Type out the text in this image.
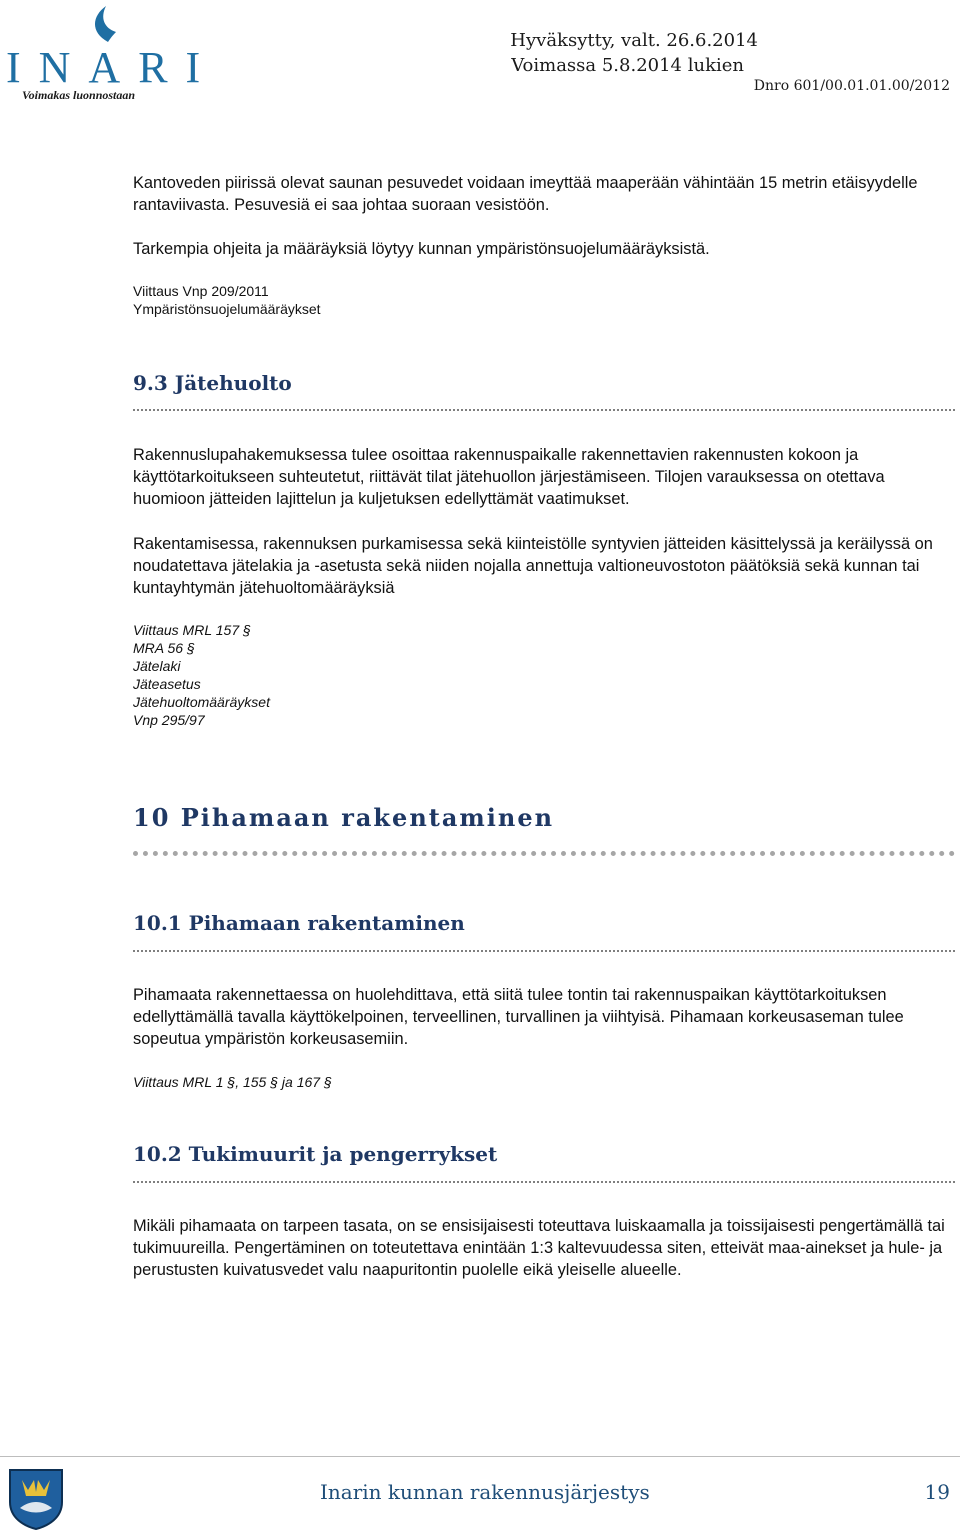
INARI
Voimakas luonnostaan
Hyväksytty, valt. 26.6.2014
Voimassa 5.8.2014 lukien
Dnro 601/00.01.01.00/2012
Kantoveden piirissä olevat saunan pesuvedet voidaan imeyttää maaperään vähintään 15 metrin etäisyydelle rantaviivasta. Pesuvesiä ei saa johtaa suoraan vesistöön.
Tarkempia ohjeita ja määräyksiä löytyy kunnan ympäristönsuojelumääräyksistä.
Viittaus Vnp 209/2011
Ympäristönsuojelumääräykset
9.3 Jätehuolto
Rakennuslupahakemuksessa tulee osoittaa rakennuspaikalle rakennettavien rakennusten kokoon ja käyttötarkoitukseen suhteutetut, riittävät tilat jätehuollon järjestämiseen. Tilojen varauksessa on otettava huomioon jätteiden lajittelun ja kuljetuksen edellyttämät vaatimukset.
Rakentamisessa, rakennuksen purkamisessa sekä kiinteistölle syntyvien jätteiden käsittelyssä ja keräilyssä on noudatettava jätelakia ja -asetusta sekä niiden nojalla annettuja valtioneuvostoton päätöksiä sekä kunnan tai kuntayhtymän jätehuoltomääräyksiä
Viittaus MRL 157 §
MRA 56 §
Jätelaki
Jäteasetus
Jätehuoltomääräykset
Vnp 295/97
10 Pihamaan rakentaminen
10.1 Pihamaan rakentaminen
Pihamaata rakennettaessa on huolehdittava, että siitä tulee tontin tai rakennuspaikan käyttötarkoituksen edellyttämällä tavalla käyttökelpoinen, terveellinen, turvallinen ja viihtyisä. Pihamaan korkeusaseman tulee sopeutua ympäristön korkeusasemiin.
Viittaus MRL 1 §, 155 § ja 167 §
10.2 Tukimuurit ja pengerrykset
Mikäli pihamaata on tarpeen tasata, on se ensisijaisesti toteuttava luiskaamalla ja toissijaisesti pengertämällä tai tukimuureilla. Pengertäminen on toteutettava enintään 1:3 kaltevuudessa siten, etteivät maa-ainekset ja hule- ja perustusten kuivatusvedet valu naapuritontin puolelle eikä yleiselle alueelle.
Inarin kunnan rakennusjärjestys	19
